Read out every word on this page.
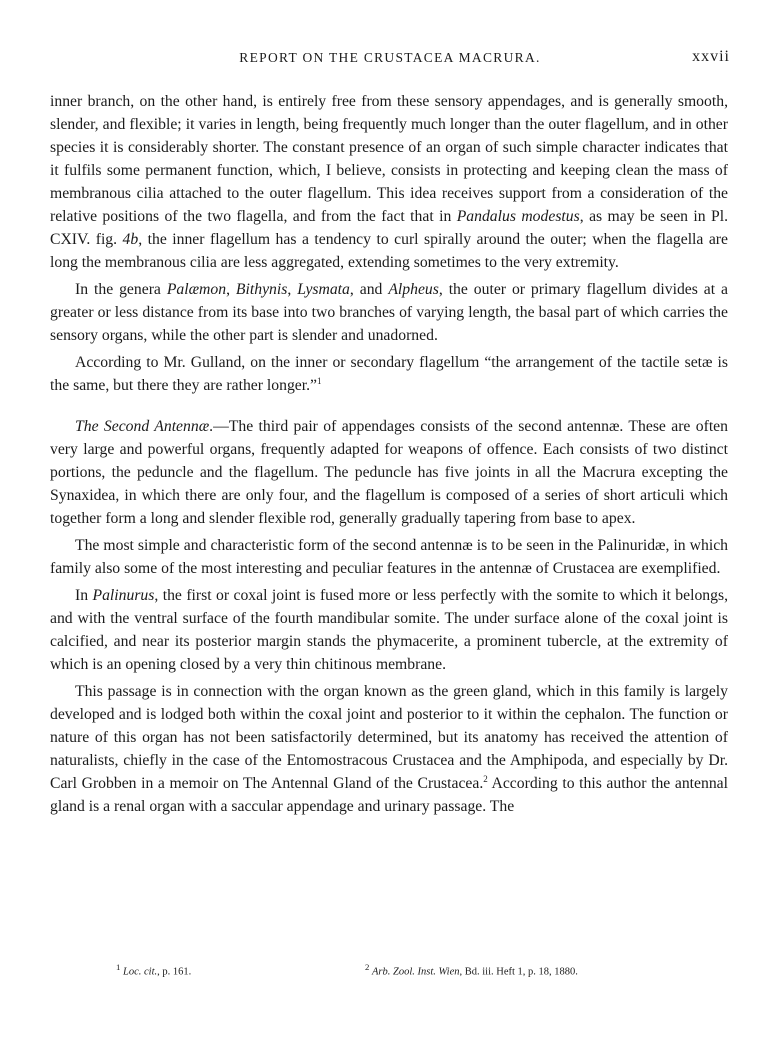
REPORT ON THE CRUSTACEA MACRURA.	xxvii

inner branch, on the other hand, is entirely free from these sensory appendages, and is generally smooth, slender, and flexible; it varies in length, being frequently much longer than the outer flagellum, and in other species it is considerably shorter. The constant presence of an organ of such simple character indicates that it fulfils some permanent function, which, I believe, consists in protecting and keeping clean the mass of membranous cilia attached to the outer flagellum. This idea receives support from a consideration of the relative positions of the two flagella, and from the fact that in Pandalus modestus, as may be seen in Pl. CXIV. fig. 4b, the inner flagellum has a tendency to curl spirally around the outer; when the flagella are long the membranous cilia are less aggregated, extending sometimes to the very extremity.

In the genera Palæmon, Bithynis, Lysmata, and Alpheus, the outer or primary flagellum divides at a greater or less distance from its base into two branches of varying length, the basal part of which carries the sensory organs, while the other part is slender and unadorned.

According to Mr. Gulland, on the inner or secondary flagellum “the arrangement of the tactile setæ is the same, but there they are rather longer.”$^1$

The Second Antennæ.—The third pair of appendages consists of the second antennæ. These are often very large and powerful organs, frequently adapted for weapons of offence. Each consists of two distinct portions, the peduncle and the flagellum. The peduncle has five joints in all the Macrura excepting the Synaxidea, in which there are only four, and the flagellum is composed of a series of short articuli which together form a long and slender flexible rod, generally gradually tapering from base to apex.

The most simple and characteristic form of the second antennæ is to be seen in the Palinuridæ, in which family also some of the most interesting and peculiar features in the antennæ of Crustacea are exemplified.

In Palinurus, the first or coxal joint is fused more or less perfectly with the somite to which it belongs, and with the ventral surface of the fourth mandibular somite. The under surface alone of the coxal joint is calcified, and near its posterior margin stands the phymacerite, a prominent tubercle, at the extremity of which is an opening closed by a very thin chitinous membrane.

This passage is in connection with the organ known as the green gland, which in this family is largely developed and is lodged both within the coxal joint and posterior to it within the cephalon. The function or nature of this organ has not been satisfactorily determined, but its anatomy has received the attention of naturalists, chiefly in the case of the Entomostracous Crustacea and the Amphipoda, and especially by Dr. Carl Grobben in a memoir on The Antennal Gland of the Crustacea.$^2$ According to this author the antennal gland is a renal organ with a saccular appendage and urinary passage. The

$^1$ Loc. cit., p. 161.	$^2$ Arb. Zool. Inst. Wien, Bd. iii. Heft 1, p. 18, 1880.
